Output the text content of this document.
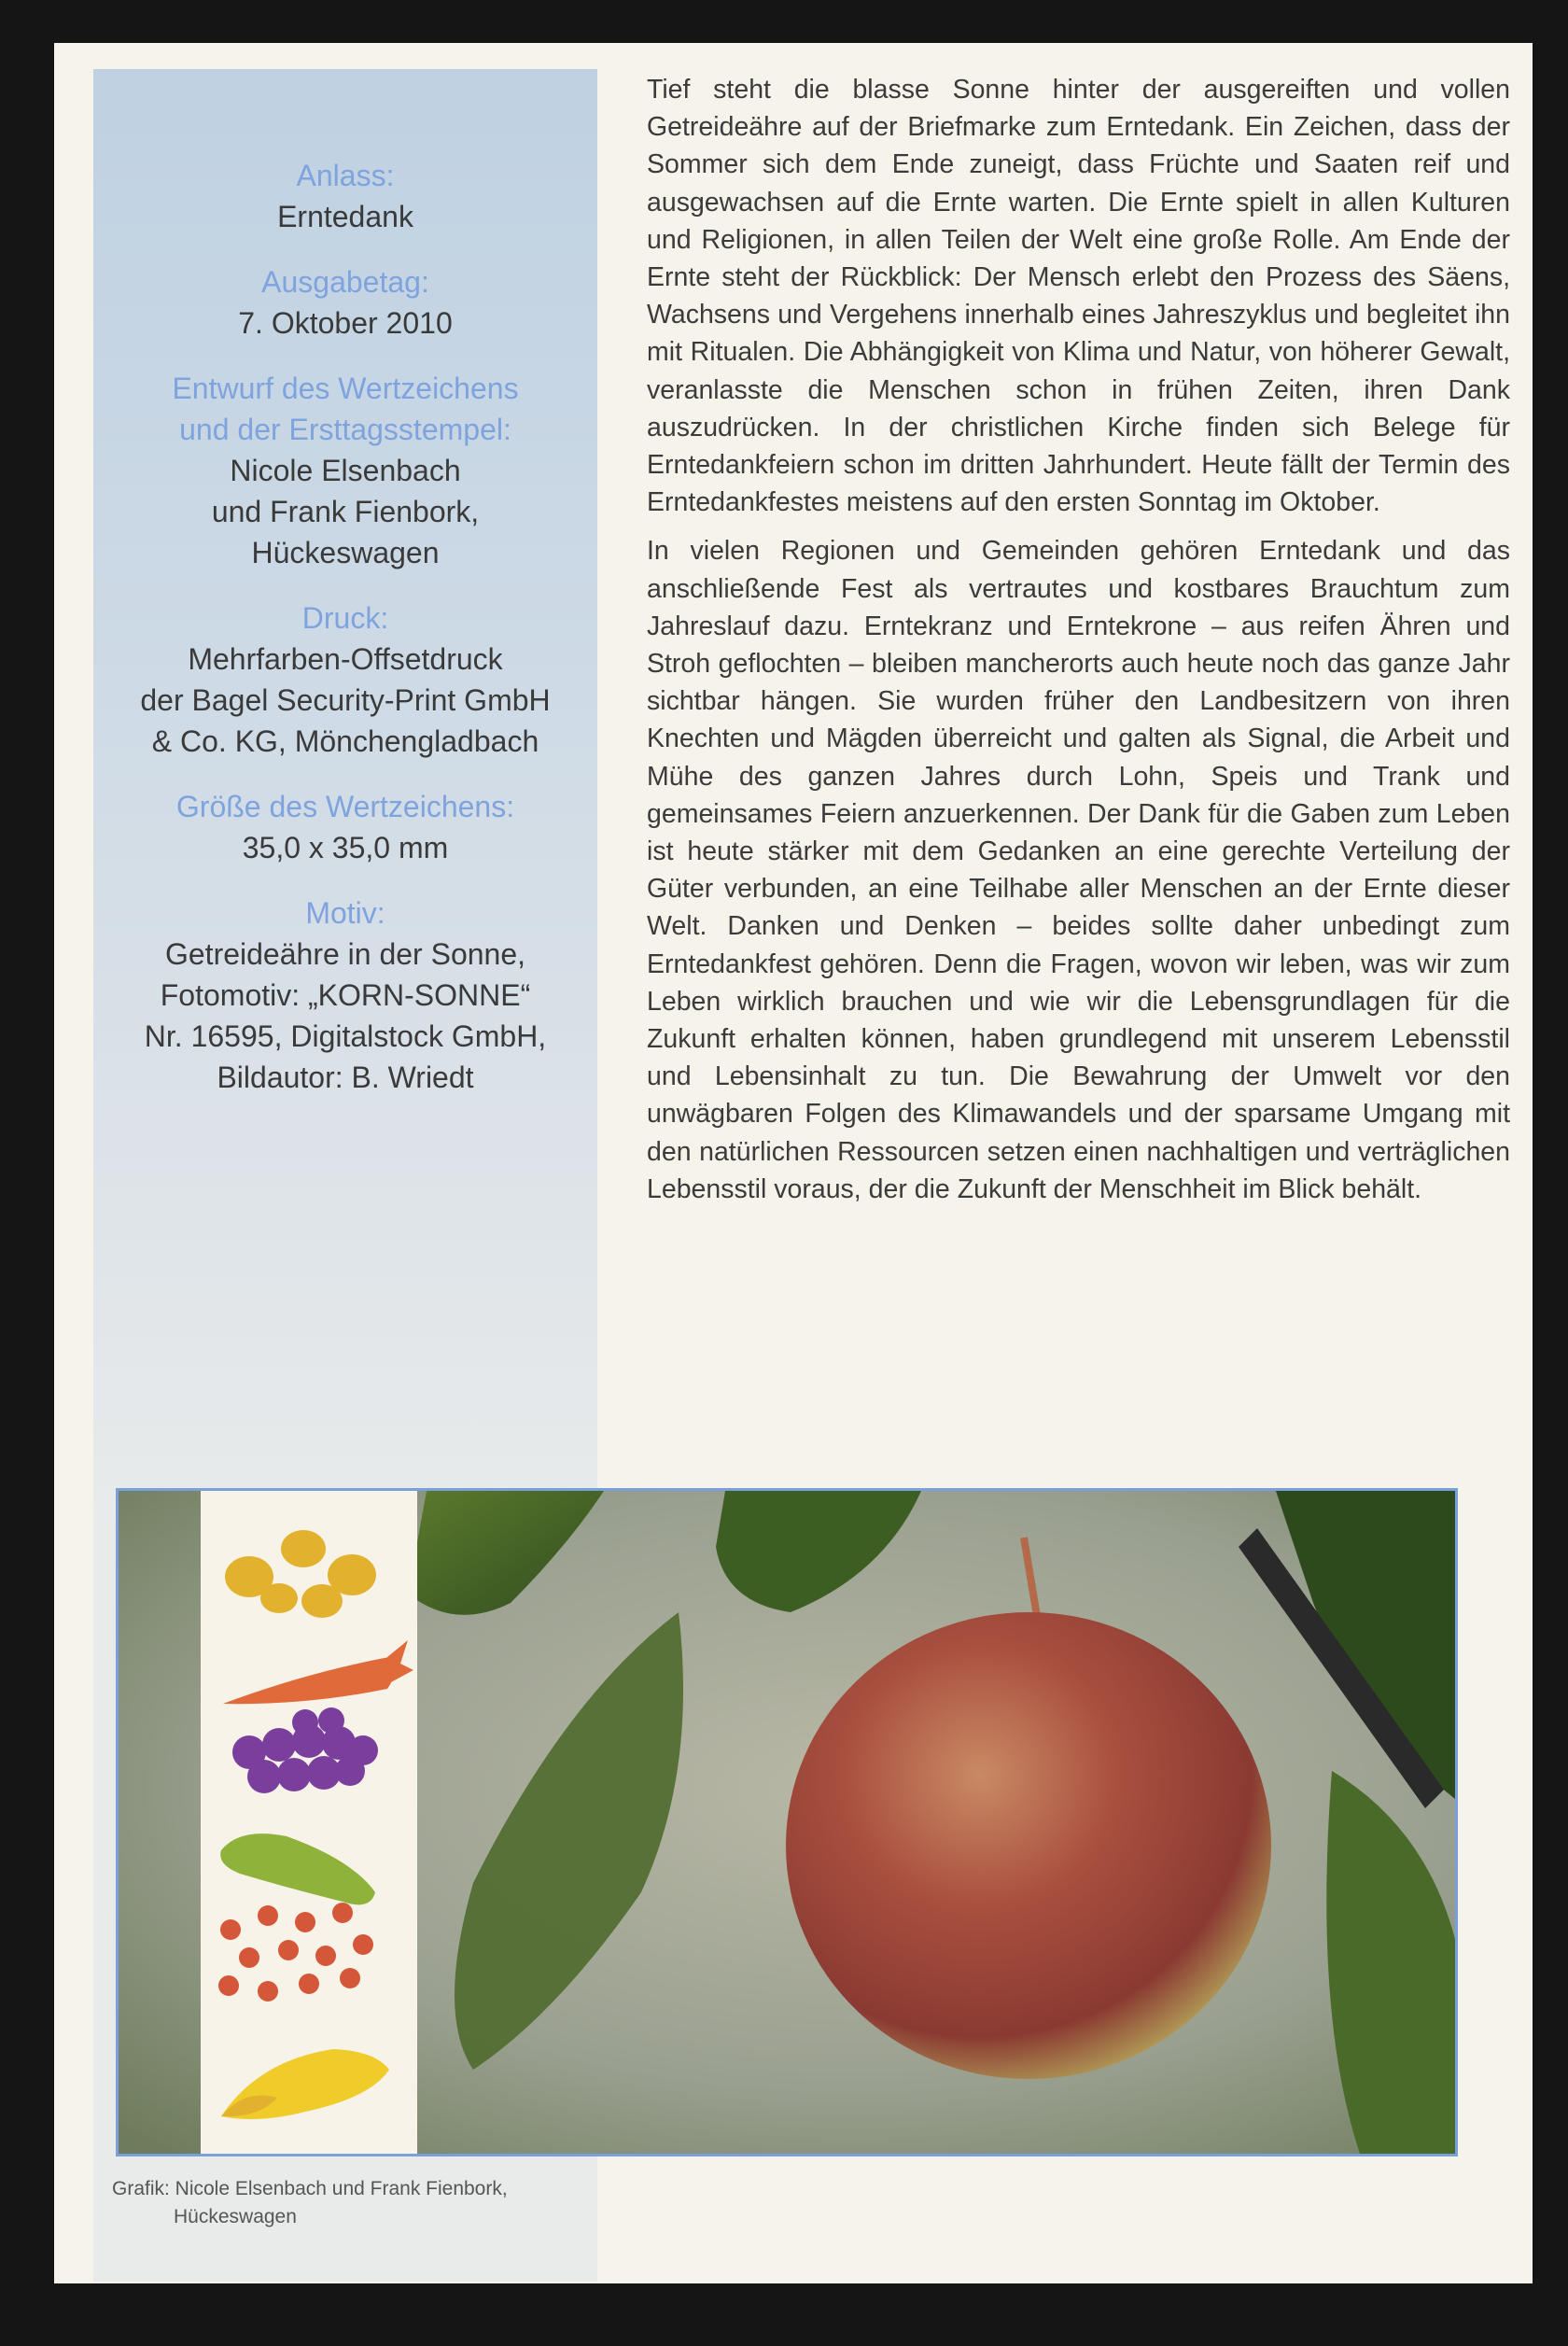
Anlass:
Erntedank
Ausgabetag:
7. Oktober 2010
Entwurf des Wertzeichens
und der Ersttagsstempel:
Nicole Elsenbach
und Frank Fienbork,
Hückeswagen
Druck:
Mehrfarben-Offsetdruck
der Bagel Security-Print GmbH
& Co. KG, Mönchengladbach
Größe des Wertzeichens:
35,0 x 35,0 mm
Motiv:
Getreideähre in der Sonne,
Fotomotiv: „KORN-SONNE“
Nr. 16595, Digitalstock GmbH,
Bildautor: B. Wriedt

Tief steht die blasse Sonne hinter der ausgereiften und vollen Getreideähre auf der Briefmarke zum Erntedank. Ein Zeichen, dass der Sommer sich dem Ende zuneigt, dass Früchte und Saaten reif und ausgewachsen auf die Ernte warten. Die Ernte spielt in allen Kulturen und Religionen, in allen Teilen der Welt eine große Rolle. Am Ende der Ernte steht der Rückblick: Der Mensch erlebt den Prozess des Säens, Wachsens und Vergehens innerhalb eines Jahreszyklus und begleitet ihn mit Ritualen. Die Abhängigkeit von Klima und Natur, von höherer Gewalt, veranlasste die Menschen schon in frühen Zeiten, ihren Dank auszudrücken. In der christlichen Kirche finden sich Belege für Erntedankfeiern schon im dritten Jahrhundert. Heute fällt der Termin des Erntedankfestes meistens auf den ersten Sonntag im Oktober.

In vielen Regionen und Gemeinden gehören Erntedank und das anschließende Fest als vertrautes und kostbares Brauchtum zum Jahreslauf dazu. Erntekranz und Erntekrone – aus reifen Ähren und Stroh geflochten – bleiben mancherorts auch heute noch das ganze Jahr sichtbar hängen. Sie wurden früher den Landbesitzern von ihren Knechten und Mägden überreicht und galten als Signal, die Arbeit und Mühe des ganzen Jahres durch Lohn, Speis und Trank und gemeinsames Feiern anzuerkennen. Der Dank für die Gaben zum Leben ist heute stärker mit dem Gedanken an eine gerechte Verteilung der Güter verbunden, an eine Teilhabe aller Menschen an der Ernte dieser Welt. Danken und Denken – beides sollte daher unbedingt zum Erntedankfest gehören. Denn die Fragen, wovon wir leben, was wir zum Leben wirklich brauchen und wie wir die Lebensgrundlagen für die Zukunft erhalten können, haben grundlegend mit unserem Lebensstil und Lebensinhalt zu tun. Die Bewahrung der Umwelt vor den unwägbaren Folgen des Klimawandels und der sparsame Umgang mit den natürlichen Ressourcen setzen einen nachhaltigen und verträglichen Lebensstil voraus, der die Zukunft der Menschheit im Blick behält.

Grafik: Nicole Elsenbach und Frank Fienbork,
Hückeswagen
